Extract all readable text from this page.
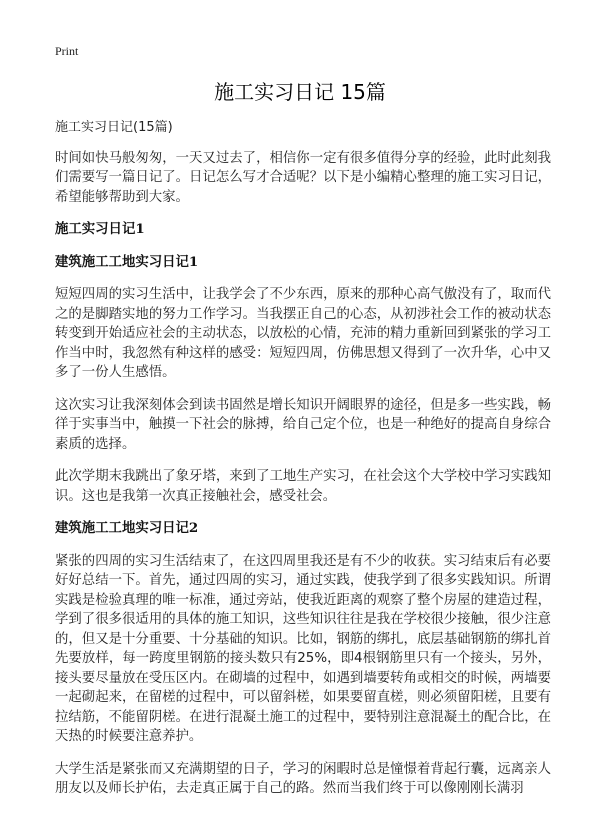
Print
施工实习日记 15篇

施工实习日记(15篇)

时间如快马般匆匆，一天又过去了，相信你一定有很多值得分享的经验，此时此刻我们需要写一篇日记了。日记怎么写才合适呢？以下是小编精心整理的施工实习日记，希望能够帮助到大家。

施工实习日记1

建筑施工工地实习日记1

短短四周的实习生活中，让我学会了不少东西，原来的那种心高气傲没有了，取而代之的是脚踏实地的努力工作学习。当我摆正自己的心态，从初涉社会工作的被动状态转变到开始适应社会的主动状态，以放松的心情，充沛的精力重新回到紧张的学习工作当中时，我忽然有种这样的感受：短短四周，仿佛思想又得到了一次升华，心中又多了一份人生感悟。

这次实习让我深刻体会到读书固然是增长知识开阔眼界的途径，但是多一些实践，畅徉于实事当中，触摸一下社会的脉搏，给自己定个位，也是一种绝好的提高自身综合素质的选择。

此次学期末我跳出了象牙塔，来到了工地生产实习，在社会这个大学校中学习实践知识。这也是我第一次真正接触社会，感受社会。

建筑施工工地实习日记2

紧张的四周的实习生活结束了，在这四周里我还是有不少的收获。实习结束后有必要好好总结一下。首先，通过四周的实习，通过实践，使我学到了很多实践知识。所谓实践是检验真理的唯一标准，通过旁站，使我近距离的观察了整个房屋的建造过程，学到了很多很适用的具体的施工知识，这些知识往往是我在学校很少接触，很少注意的，但又是十分重要、十分基础的知识。比如，钢筋的绑扎，底层基础钢筋的绑扎首先要放样，每一跨度里钢筋的接头数只有25%，即4根钢筋里只有一个接头，另外，接头要尽量放在受压区内。在砌墙的过程中，如遇到墙要转角或相交的时候，两墙要一起砌起来，在留槎的过程中，可以留斜槎，如果要留直槎，则必须留阳槎，且要有拉结筋，不能留阴槎。在进行混凝土施工的过程中，要特别注意混凝土的配合比，在天热的时候要注意养护。

大学生活是紧张而又充满期望的日子，学习的闲暇时总是憧憬着背起行囊，远离亲人朋友以及师长护佑，去走真正属于自己的路。然而当我们终于可以像刚刚长满羽
